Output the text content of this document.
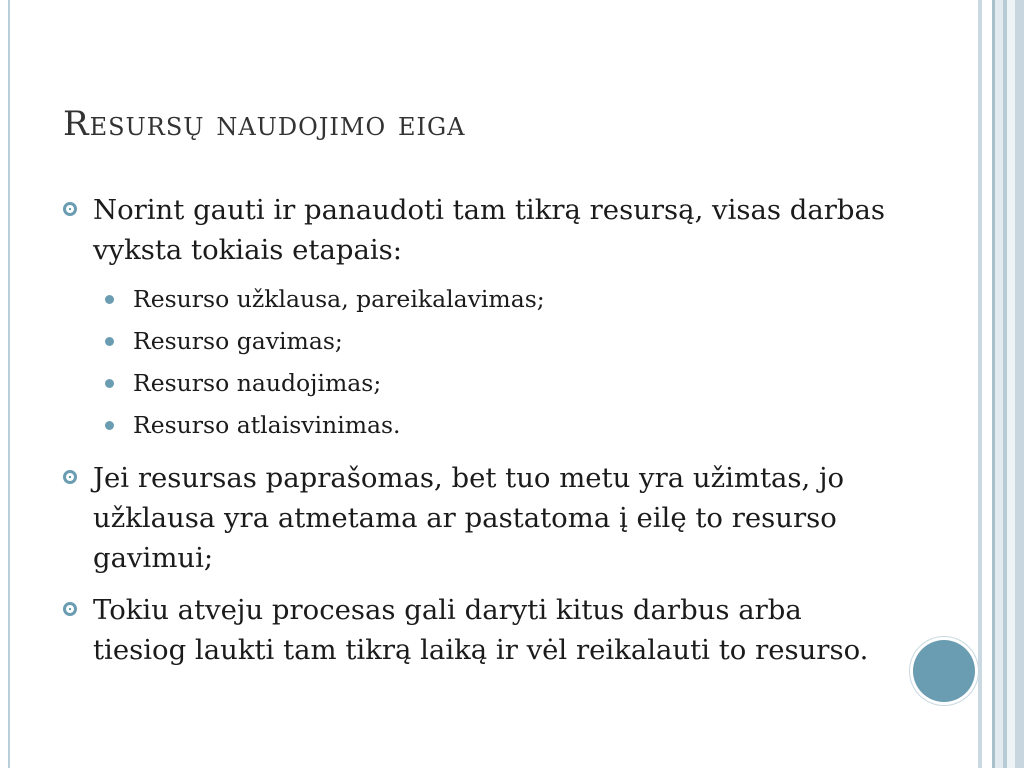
Resursų naudojimo eiga

Norint gauti ir panaudoti tam tikrą resursą, visas darbas vyksta tokiais etapais:

Resurso užklausa, pareikalavimas;
Resurso gavimas;
Resurso naudojimas;
Resurso atlaisvinimas.

Jei resursas paprašomas, bet tuo metu yra užimtas, jo užklausa yra atmetama ar pastatoma į eilę to resurso gavimui;

Tokiu atveju procesas gali daryti kitus darbus arba tiesiog laukti tam tikrą laiką ir vėl reikalauti to resurso.
